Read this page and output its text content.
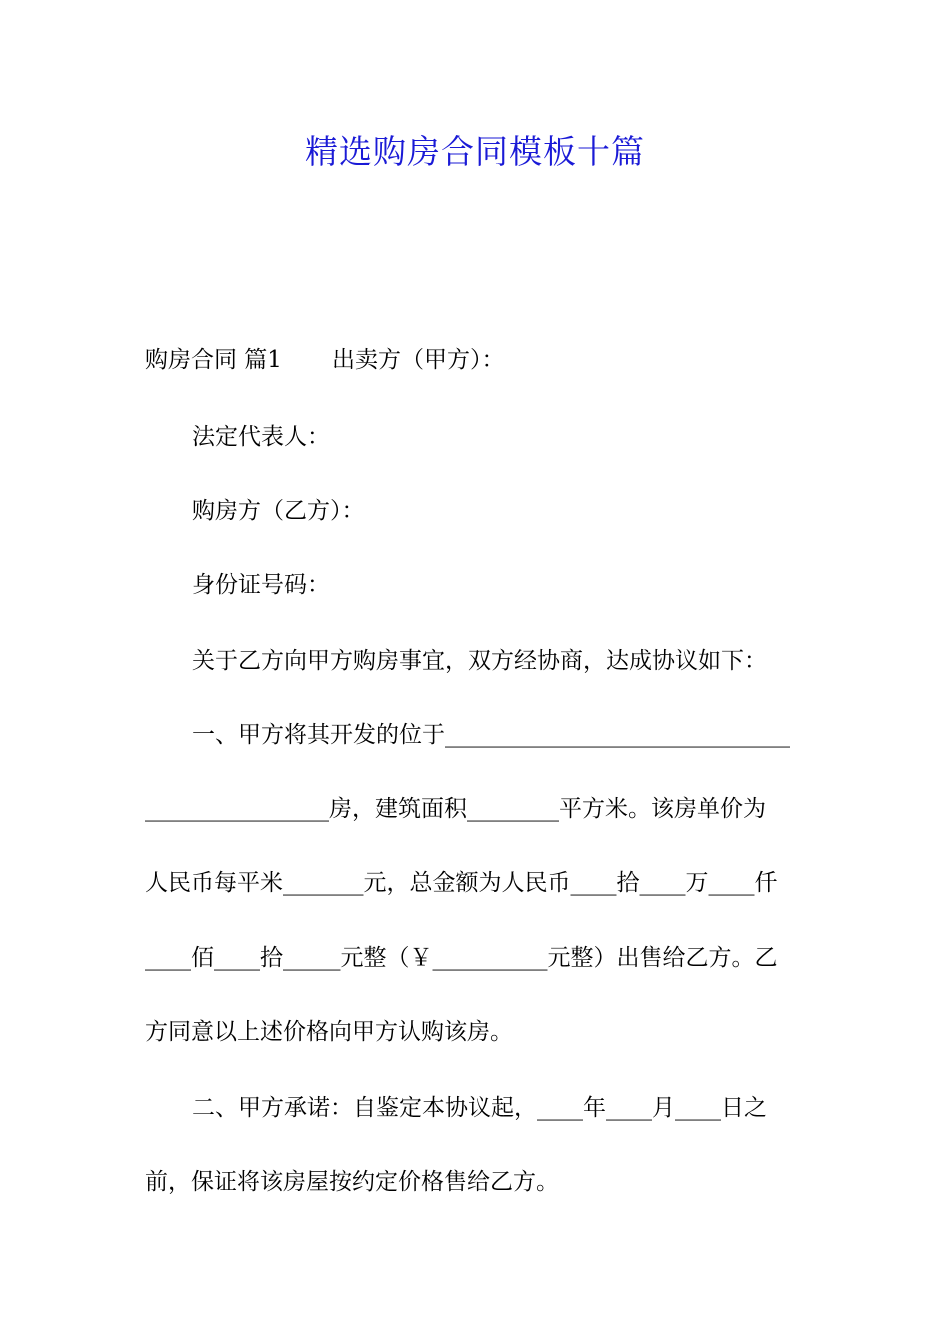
精选购房合同模板十篇
购房合同 篇1 出卖方（甲方）：
法定代表人：
购房方（乙方）：
身份证号码：
关于乙方向甲方购房事宜，双方经协商，达成协议如下：
一、甲方将其开发的位于______________________________
________________房，建筑面积________平方米。该房单价为
人民币每平米_______元，总金额为人民币____拾____万____仟
____佰____拾_____元整（￥__________元整）出售给乙方。乙
方同意以上述价格向甲方认购该房。
二、甲方承诺：自鉴定本协议起，____年____月____日之
前，保证将该房屋按约定价格售给乙方。
